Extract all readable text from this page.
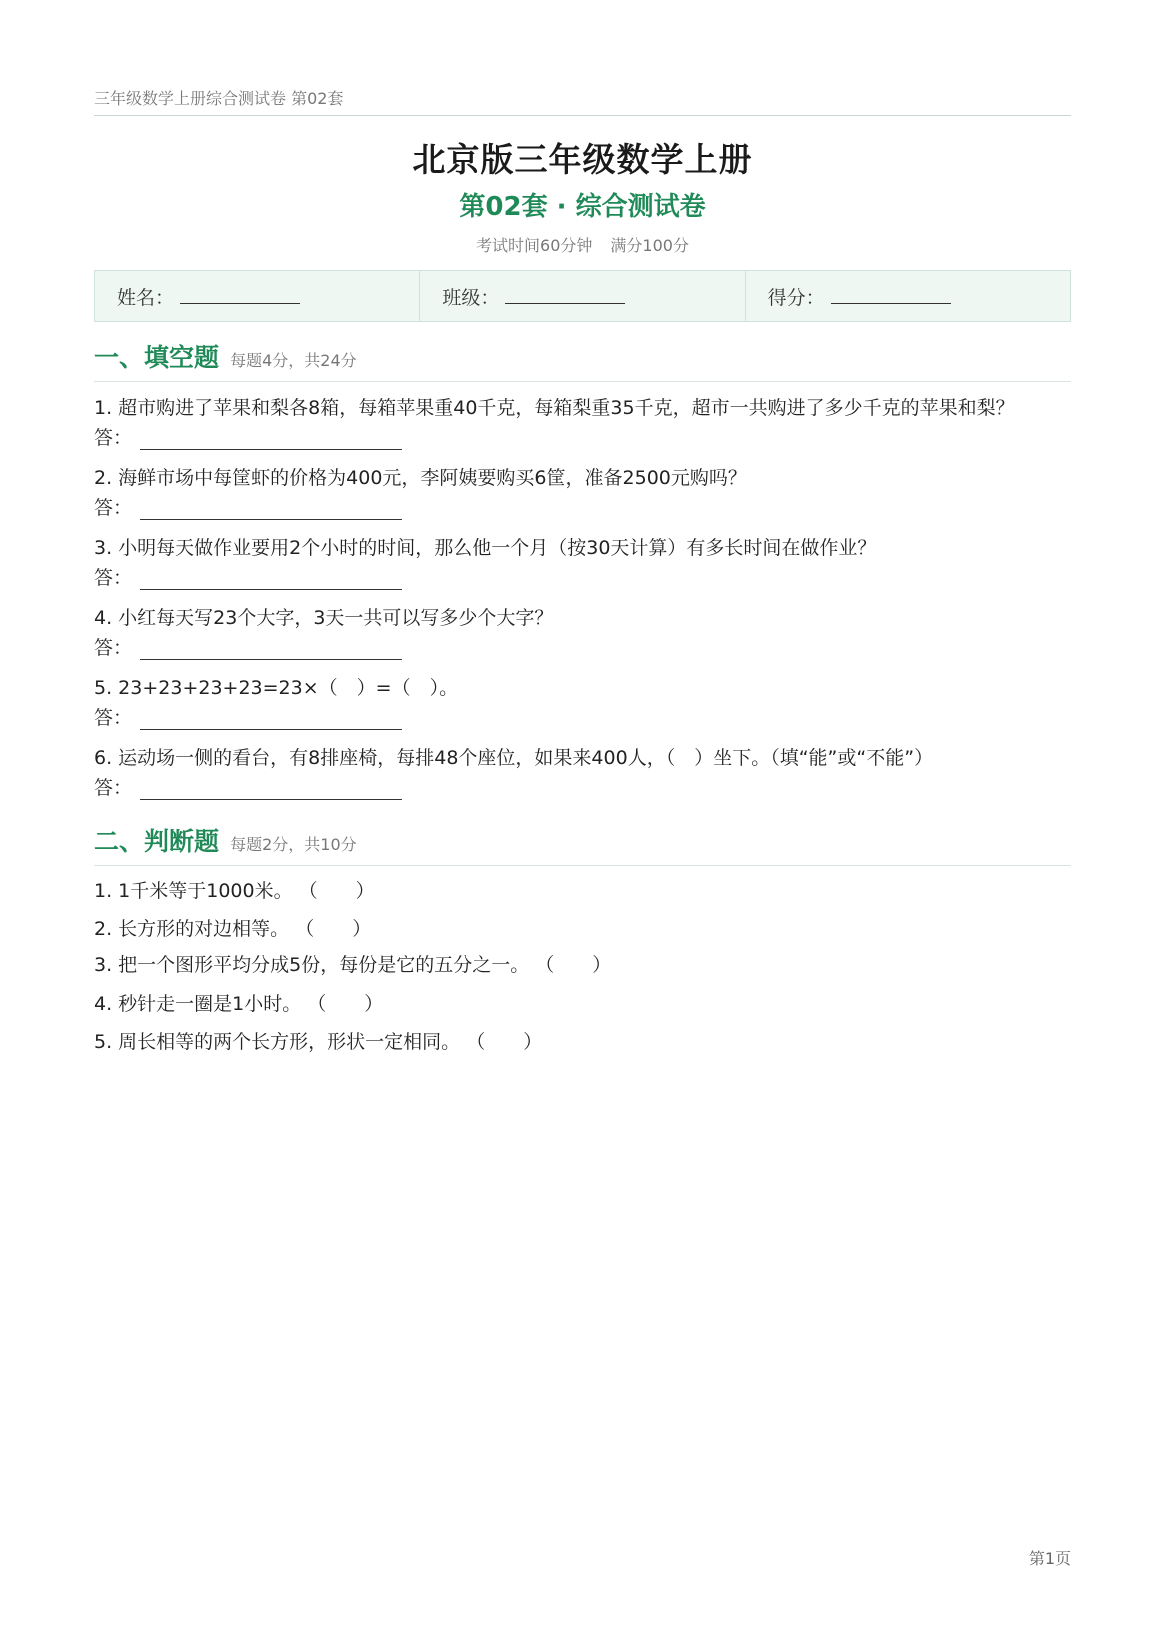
三年级数学上册综合测试卷 第02套
北京版三年级数学上册
第02套 · 综合测试卷
考试时间60分钟 满分100分
姓名：	班级：	得分：
一、填空题 每题4分，共24分
1. 超市购进了苹果和梨各8箱，每箱苹果重40千克，每箱梨重35千克，超市一共购进了多少千克的苹果和梨？
答：
2. 海鲜市场中每筐虾的价格为400元，李阿姨要购买6筐，准备2500元购吗？
答：
3. 小明每天做作业要用2个小时的时间，那么他一个月（按30天计算）有多长时间在做作业？
答：
4. 小红每天写23个大字，3天一共可以写多少个大字？
答：
5. 23+23+23+23=23×（　）=（　）。
答：
6. 运动场一侧的看台，有8排座椅，每排48个座位，如果来400人，（　）坐下。（填“能”或“不能”）
答：
二、判断题 每题2分，共10分
1. 1千米等于1000米。 （　　）
2. 长方形的对边相等。 （　　）
3. 把一个图形平均分成5份，每份是它的五分之一。 （　　）
4. 秒针走一圈是1小时。 （　　）
5. 周长相等的两个长方形，形状一定相同。 （　　）
第1页
